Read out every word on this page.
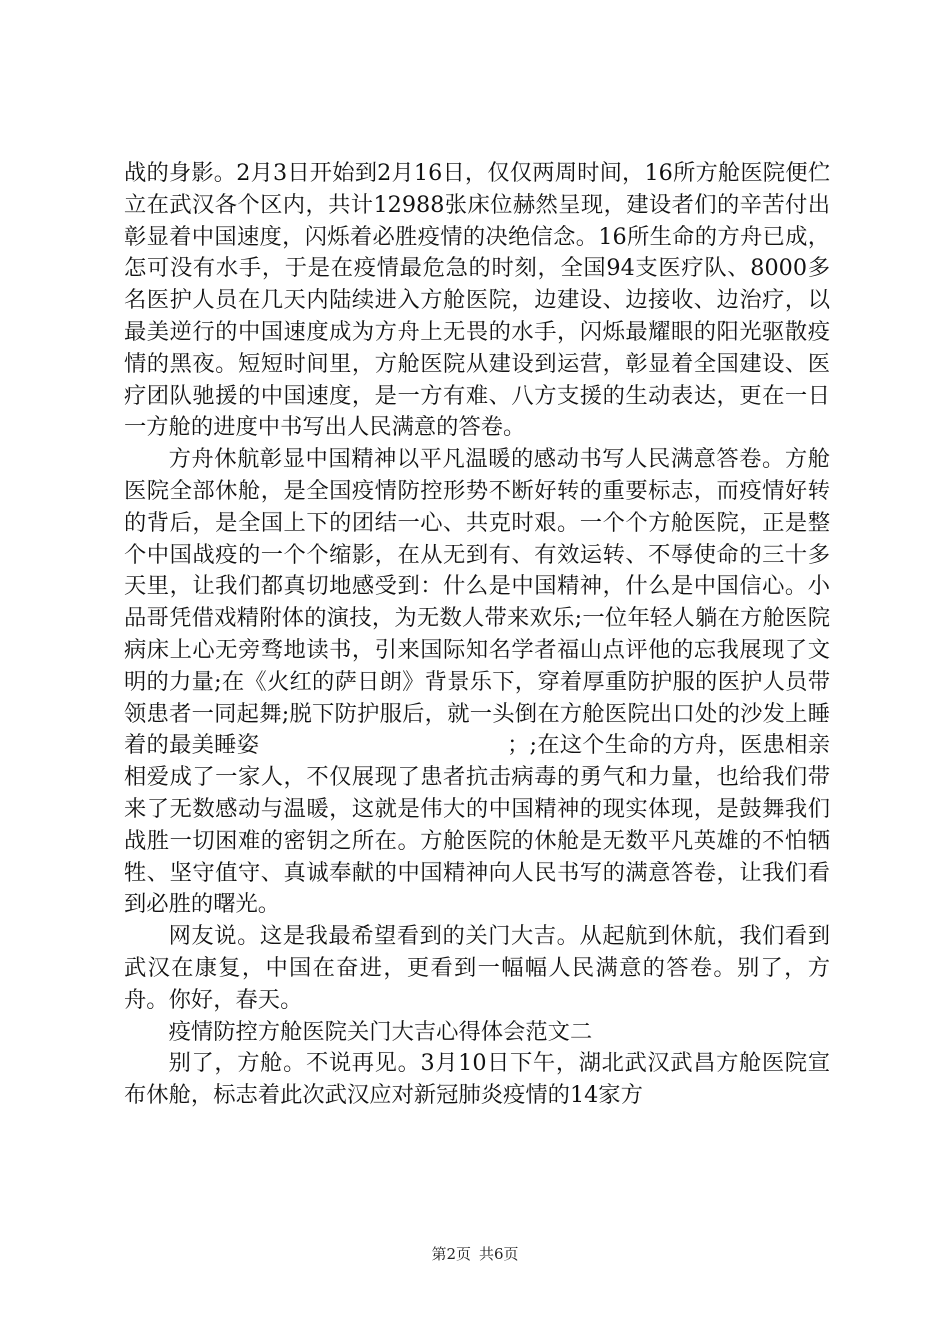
战的身影。2月3日开始到2月16日，仅仅两周时间，16所方舱医院便伫立在武汉各个区内，共计12988张床位赫然呈现，建设者们的辛苦付出彰显着中国速度，闪烁着必胜疫情的决绝信念。16所生命的方舟已成，怎可没有水手，于是在疫情最危急的时刻，全国94支医疗队、8000多名医护人员在几天内陆续进入方舱医院，边建设、边接收、边治疗，以最美逆行的中国速度成为方舟上无畏的水手，闪烁最耀眼的阳光驱散疫情的黑夜。短短时间里，方舱医院从建设到运营，彰显着全国建设、医疗团队驰援的中国速度，是一方有难、八方支援的生动表达，更在一日一方舱的进度中书写出人民满意的答卷。

方舟休航彰显中国精神以平凡温暖的感动书写人民满意答卷。方舱医院全部休舱，是全国疫情防控形势不断好转的重要标志，而疫情好转的背后，是全国上下的团结一心、共克时艰。一个个方舱医院，正是整个中国战疫的一个个缩影，在从无到有、有效运转、不辱使命的三十多天里，让我们都真切地感受到：什么是中国精神，什么是中国信心。小品哥凭借戏精附体的演技，为无数人带来欢乐;一位年轻人躺在方舱医院病床上心无旁骛地读书，引来国际知名学者福山点评他的忘我展现了文明的力量;在《火红的萨日朗》背景乐下，穿着厚重防护服的医护人员带领患者一同起舞;脱下防护服后，就一头倒在方舱医院出口处的沙发上睡着的最美睡姿　　　　　　　　　　　；;在这个生命的方舟，医患相亲相爱成了一家人，不仅展现了患者抗击病毒的勇气和力量，也给我们带来了无数感动与温暖，这就是伟大的中国精神的现实体现，是鼓舞我们战胜一切困难的密钥之所在。方舱医院的休舱是无数平凡英雄的不怕牺牲、坚守值守、真诚奉献的中国精神向人民书写的满意答卷，让我们看到必胜的曙光。

网友说。这是我最希望看到的关门大吉。从起航到休航，我们看到武汉在康复，中国在奋进，更看到一幅幅人民满意的答卷。别了，方舟。你好，春天。

疫情防控方舱医院关门大吉心得体会范文二

别了，方舱。不说再见。3月10日下午，湖北武汉武昌方舱医院宣布休舱，标志着此次武汉应对新冠肺炎疫情的14家方

第2页 共6页
